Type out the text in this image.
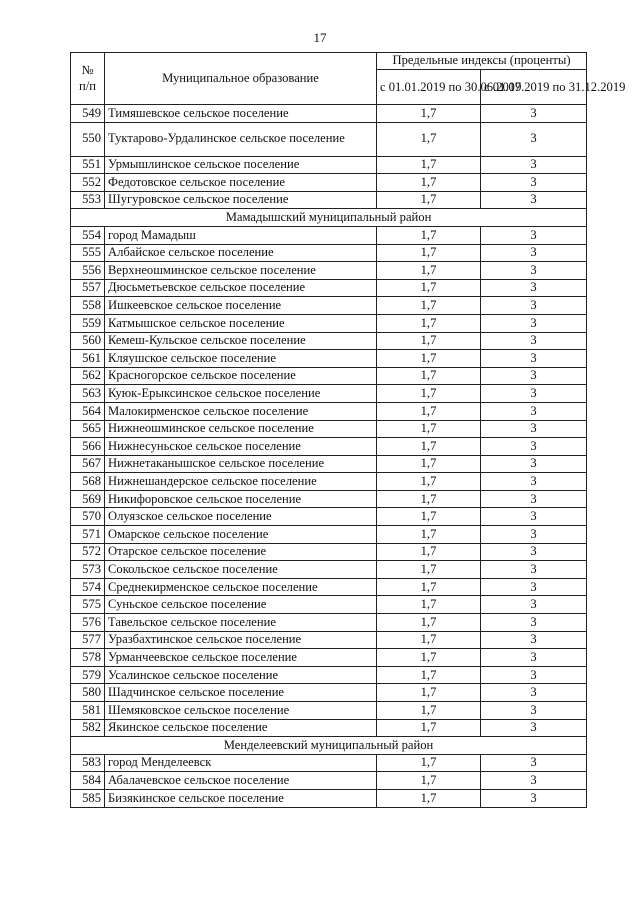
17
№ п/п	Муниципальное образование	Предельные индексы (проценты)	
		с 01.01.2019 по 30.06.2019	с 01.07.2019 по 31.12.2019
549	Тимяшевское сельское поселение	1,7	3
550	Туктарово-Урдалинское сельское поселение	1,7	3
551	Урмышлинское сельское поселение	1,7	3
552	Федотовское сельское поселение	1,7	3
553	Шугуровское сельское поселение	1,7	3
Мамадышский муниципальный район			
554	город Мамадыш	1,7	3
555	Албайское сельское поселение	1,7	3
556	Верхнеошминское сельское поселение	1,7	3
557	Дюсьметьевское сельское поселение	1,7	3
558	Ишкеевское сельское поселение	1,7	3
559	Катмышское сельское поселение	1,7	3
560	Кемеш-Кульское сельское поселение	1,7	3
561	Кляушское сельское поселение	1,7	3
562	Красногорское сельское поселение	1,7	3
563	Куюк-Ерыксинское сельское поселение	1,7	3
564	Малокирменское сельское поселение	1,7	3
565	Нижнеошминское сельское поселение	1,7	3
566	Нижнесуньское сельское поселение	1,7	3
567	Нижнетаканышское сельское поселение	1,7	3
568	Нижнешандерское сельское поселение	1,7	3
569	Никифоровское сельское поселение	1,7	3
570	Олуязское сельское поселение	1,7	3
571	Омарское сельское поселение	1,7	3
572	Отарское сельское поселение	1,7	3
573	Сокольское сельское поселение	1,7	3
574	Среднекирменское сельское поселение	1,7	3
575	Суньское сельское поселение	1,7	3
576	Тавельское сельское поселение	1,7	3
577	Уразбахтинское сельское поселение	1,7	3
578	Урманчеевское сельское поселение	1,7	3
579	Усалинское сельское поселение	1,7	3
580	Шадчинское сельское поселение	1,7	3
581	Шемяковское сельское поселение	1,7	3
582	Якинское сельское поселение	1,7	3
Менделеевский муниципальный район			
583	город Менделеевск	1,7	3
584	Абалачевское сельское поселение	1,7	3
585	Бизякинское сельское поселение	1,7	3
